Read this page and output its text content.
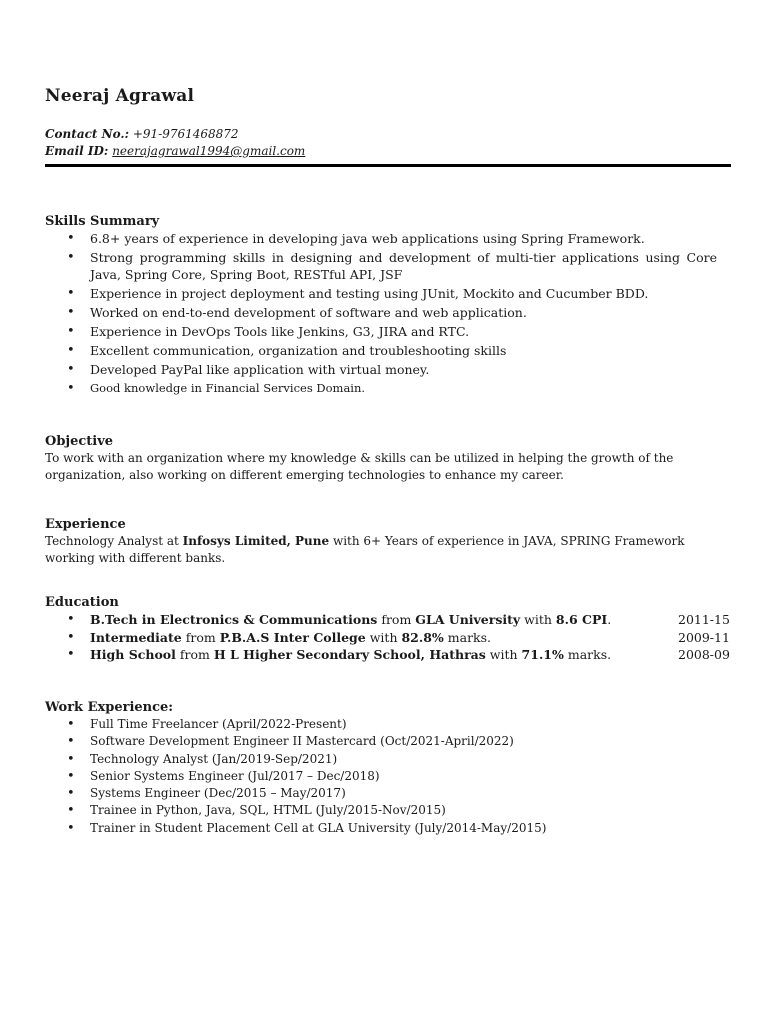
Neeraj Agrawal
Contact No.: +91-9761468872
Email ID: neerajagrawal1994@gmail.com
Skills Summary
• 6.8+ years of experience in developing java web applications using Spring Framework.
• Strong programming skills in designing and development of multi-tier applications using Core Java, Spring Core, Spring Boot, RESTful API, JSF
• Experience in project deployment and testing using JUnit, Mockito and Cucumber BDD.
• Worked on end-to-end development of software and web application.
• Experience in DevOps Tools like Jenkins, G3, JIRA and RTC.
• Excellent communication, organization and troubleshooting skills
• Developed PayPal like application with virtual money.
• Good knowledge in Financial Services Domain.
Objective

To work with an organization where my knowledge & skills can be utilized in helping the growth of the organization, also working on different emerging technologies to enhance my career.

Experience

Technology Analyst at Infosys Limited, Pune with 6+ Years of experience in JAVA, SPRING Framework working with different banks.

Education
• B.Tech in Electronics & Communications from GLA University with 8.6 CPI.	2011-15
• Intermediate from P.B.A.S Inter College with 82.8% marks.	2009-11
• High School from H L Higher Secondary School, Hathras with 71.1% marks.	2008-09
Work Experience:
• Full Time Freelancer (April/2022-Present)
• Software Development Engineer II Mastercard (Oct/2021-April/2022)
• Technology Analyst (Jan/2019-Sep/2021)
• Senior Systems Engineer (Jul/2017 – Dec/2018)
• Systems Engineer (Dec/2015 – May/2017)
• Trainee in Python, Java, SQL, HTML (July/2015-Nov/2015)
• Trainer in Student Placement Cell at GLA University (July/2014-May/2015)
